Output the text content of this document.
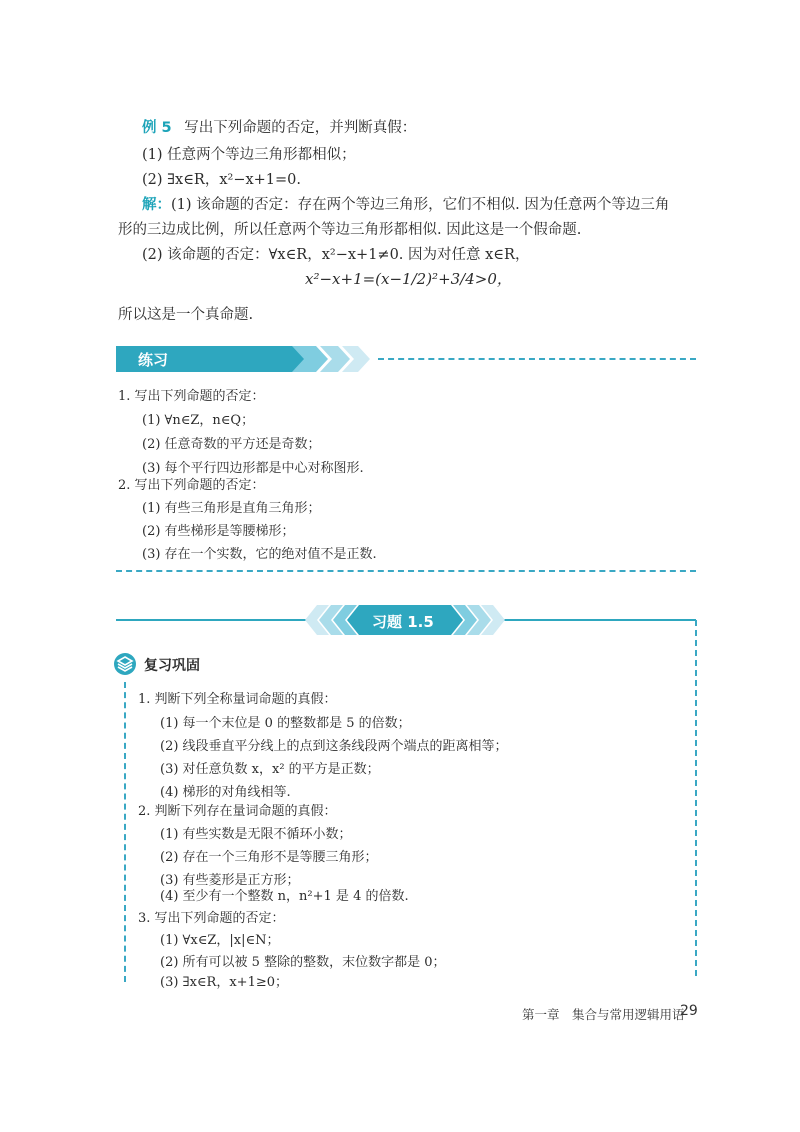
例 5 写出下列命题的否定，并判断真假：
(1) 任意两个等边三角形都相似；
(2) ∃x∈R，x²−x+1=0.
解：(1) 该命题的否定：存在两个等边三角形，它们不相似. 因为任意两个等边三角
形的三边成比例，所以任意两个等边三角形都相似. 因此这是一个假命题.
(2) 该命题的否定：∀x∈R，x²−x+1≠0. 因为对任意 x∈R，
x²−x+1=(x−1/2)²+3/4>0，
所以这是一个真命题.
练习
1. 写出下列命题的否定：
(1) ∀n∈Z，n∈Q；
(2) 任意奇数的平方还是奇数；
(3) 每个平行四边形都是中心对称图形.
2. 写出下列命题的否定：
(1) 有些三角形是直角三角形；
(2) 有些梯形是等腰梯形；
(3) 存在一个实数，它的绝对值不是正数.
习题 1.5
复习巩固
1. 判断下列全称量词命题的真假：
(1) 每一个末位是 0 的整数都是 5 的倍数；
(2) 线段垂直平分线上的点到这条线段两个端点的距离相等；
(3) 对任意负数 x，x² 的平方是正数；
(4) 梯形的对角线相等.
2. 判断下列存在量词命题的真假：
(1) 有些实数是无限不循环小数；
(2) 存在一个三角形不是等腰三角形；
(3) 有些菱形是正方形；
(4) 至少有一个整数 n，n²+1 是 4 的倍数.
3. 写出下列命题的否定：
(1) ∀x∈Z，|x|∈N；
(2) 所有可以被 5 整除的整数，末位数字都是 0；
(3) ∃x∈R，x+1≥0；
第一章　集合与常用逻辑用语
29
